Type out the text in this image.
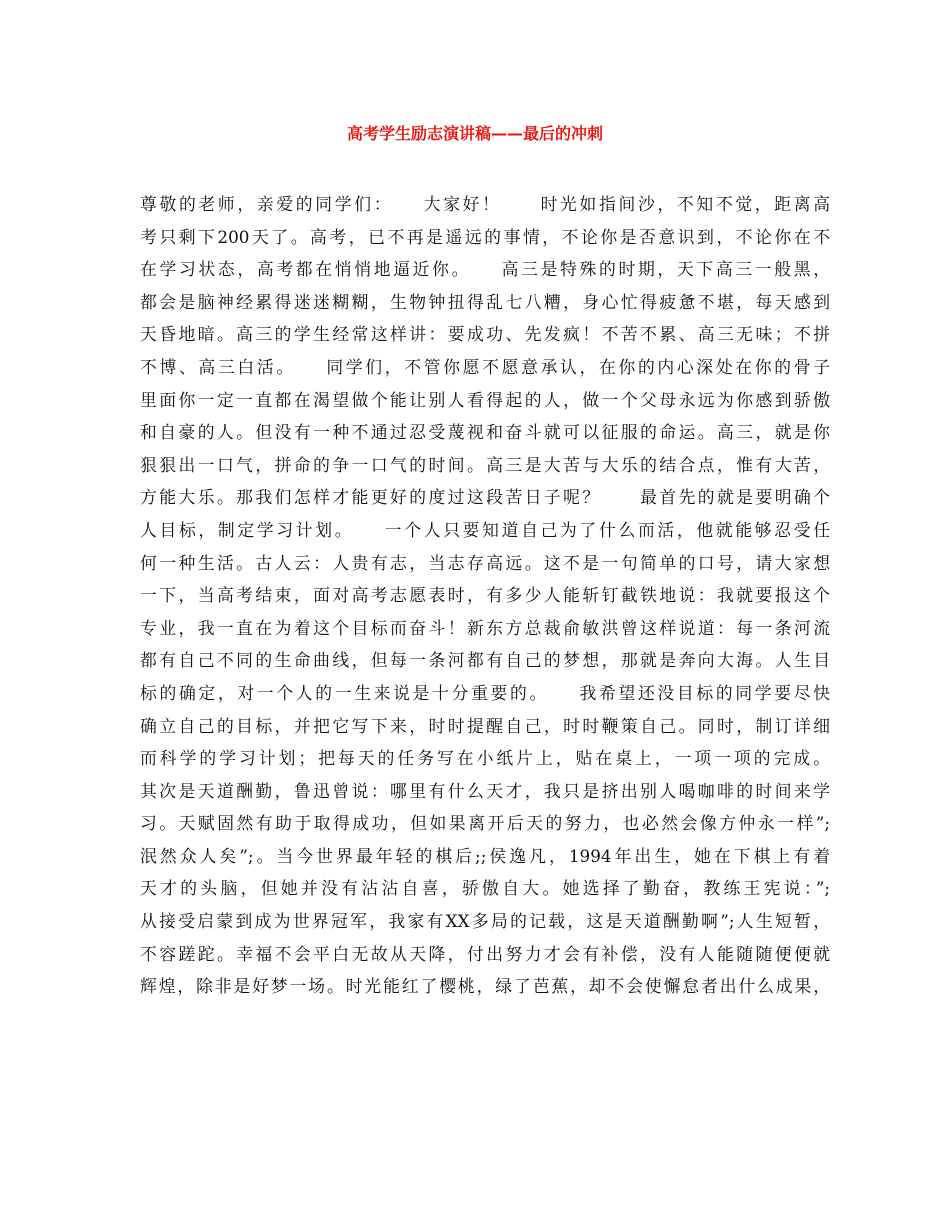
高考学生励志演讲稿——最后的冲刺
尊敬的老师，亲爱的同学们：　　大家好！　　时光如指间沙，不知不觉，距离高
考只剩下200天了。高考，已不再是遥远的事情，不论你是否意识到，不论你在不
在学习状态，高考都在悄悄地逼近你。　　高三是特殊的时期，天下高三一般黑，
都会是脑神经累得迷迷糊糊，生物钟扭得乱七八糟，身心忙得疲惫不堪，每天感到
天昏地暗。高三的学生经常这样讲：要成功、先发疯！不苦不累、高三无味；不拼
不博、高三白活。　　同学们，不管你愿不愿意承认，在你的内心深处在你的骨子
里面你一定一直都在渴望做个能让别人看得起的人，做一个父母永远为你感到骄傲
和自豪的人。但没有一种不通过忍受蔑视和奋斗就可以征服的命运。高三，就是你
狠狠出一口气，拼命的争一口气的时间。高三是大苦与大乐的结合点，惟有大苦，
方能大乐。那我们怎样才能更好的度过这段苦日子呢？　　最首先的就是要明确个
人目标，制定学习计划。　　一个人只要知道自己为了什么而活，他就能够忍受任
何一种生活。古人云：人贵有志，当志存高远。这不是一句简单的口号，请大家想
一下，当高考结束，面对高考志愿表时，有多少人能斩钉截铁地说：我就要报这个
专业，我一直在为着这个目标而奋斗！新东方总裁俞敏洪曾这样说道：每一条河流
都有自己不同的生命曲线，但每一条河都有自己的梦想，那就是奔向大海。人生目
标的确定，对一个人的一生来说是十分重要的。　　我希望还没目标的同学要尽快
确立自己的目标，并把它写下来，时时提醒自己，时时鞭策自己。同时，制订详细
而科学的学习计划；把每天的任务写在小纸片上，贴在桌上，一项一项的完成。
其次是天道酬勤，鲁迅曾说：哪里有什么天才，我只是挤出别人喝咖啡的时间来学
习。天赋固然有助于取得成功，但如果离开后天的努力，也必然会像方仲永一样”;
泯然众人矣”;。当今世界最年轻的棋后;;侯逸凡，1994年出生，她在下棋上有着
天才的头脑，但她并没有沾沾自喜，骄傲自大。她选择了勤奋，教练王宪说：”;
从接受启蒙到成为世界冠军，我家有XX多局的记载，这是天道酬勤啊”;人生短暂，
不容蹉跎。幸福不会平白无故从天降，付出努力才会有补偿，没有人能随随便便就
辉煌，除非是好梦一场。时光能红了樱桃，绿了芭蕉，却不会使懈怠者出什么成果，
